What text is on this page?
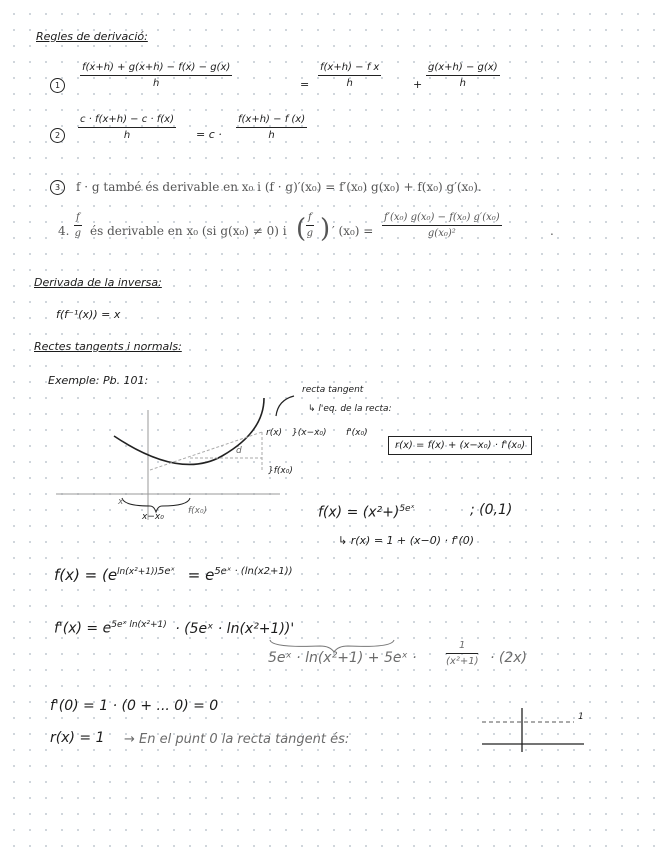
Regles de derivació:
1	$\frac{f(x+h) + g(x+h) - f(x) - g(x)}{h}$	= $\frac{\text{f(x+h) − f x}}{h}$	+ $\frac{g(x+h) - g(x)}{h}$
2	$\frac{c \cdot f(x+h) - c \cdot f(x)}{h} = c \cdot \frac{f(x+h) - f (x)}{h}$
3	f · g també és derivable en x₀ i (f · g)′(x₀) = f′(x₀) g(x₀) + f(x₀) g′(x₀).
4. $\frac{f}{g}$ és derivable en x₀ (si g(x₀) ≠ 0) i ( $\frac{f}{g}$ ) ′ $(x_0) = \frac{\text{f′(x₀) g(x₀) − f(x₀) g′(x₀)}}{\text{g(x₀)²}}$	.
Derivada de la inversa:
f(f⁻¹(x)) = x
Rectes tangents i normals:
Exemple: Pb. 101:
recta tangent
↳ l'eq. de la recta:
r(x) }(x−x₀) f'(x₀)
d
}f(x₀)
x
x−x₀
f(x₀)
r(x) = f(x) + (x−x₀) · f'(x₀)
$f(x) = (x^2+)^{5eˣ}$	; (0,1)
↳ r(x) = 1 + (x−0) · f'(0)
$f(x) = (e^{ln(x^2+1))5eˣ} = e^{5eˣ \cdot (ln(x2+1))}$
$f'(x) = e^{5eˣ ln(x^2+1)}$ · (5eˣ · ln(x²+1))'
5eˣ · ln(x²+1) + 5eˣ ·	$\frac{1}{\text{(x²+1)}} \cdot (2x)$
f'(0) = 1 · (0 + ... 0) = 0
r(x) = 1 → En el punt 0 la recta tangent és:
1
